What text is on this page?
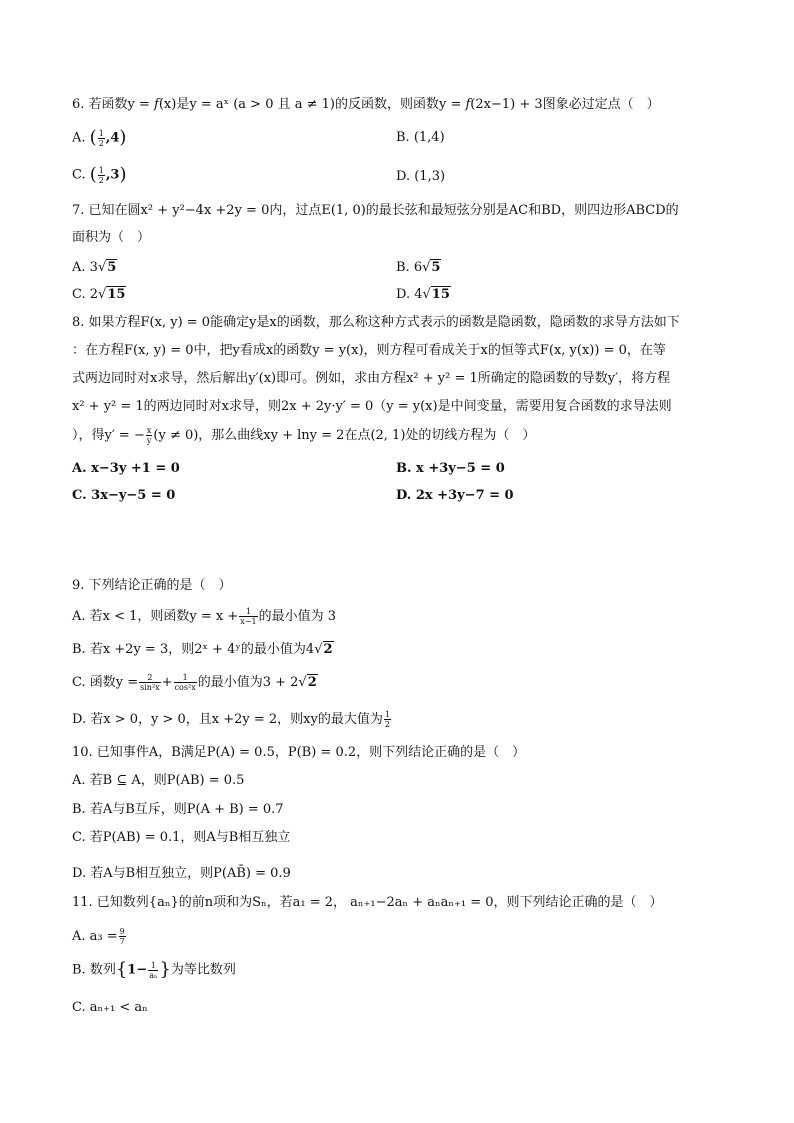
6. 若函数y = 𝑓(x)是y = aˣ (a > 0 且 a ≠ 1)的反函数，则函数y = 𝑓(2x−1) + 3图象必过定点（　）
A. ( $\frac{1}{2} ,4$)	B. (1,4)
C. ( $\frac{1}{2} ,3$)	D. (1,3)
7. 已知在圆x² + y²−4x +2y = 0内，过点E(1, 0)的最长弦和最短弦分别是AC和BD，则四边形ABCD的
面积为（　）
A. 3√5	B. 6√5
C. 2√15	D. 4√15
8. 如果方程F(x, y) = 0能确定y是x的函数，那么称这种方式表示的函数是隐函数，隐函数的求导方法如下
：在方程F(x, y) = 0中，把y看成x的函数y = y(x)，则方程可看成关于x的恒等式F(x, y(x)) = 0，在等
式两边同时对x求导，然后解出y′(x)即可。例如，求由方程x² + y² = 1所确定的隐函数的导数y′，将方程
x² + y² = 1的两边同时对x求导，则2x + 2y·y′ = 0（y = y(x)是中间变量，需要用复合函数的求导法则
），得y′ = − $\frac{x}{y} (y \ne 0)$，那么曲线xy + lny = 2在点(2, 1)处的切线方程为（　）
A. x−3y +1 = 0	B. x +3y−5 = 0
C. 3x−y−5 = 0	D. 2x +3y−7 = 0
9. 下列结论正确的是（　）
A. 若x < 1，则函数$y = x + \frac{1}{x-1}$ 的最小值为 3
B. 若x +2y = 3，则2ˣ + 4ʸ的最小值为4√2
C. 函数$y = \frac{2}{\text{sin²x}} + \frac{1}{\text{cos²x}}$ 的最小值为3 + 2√2
D. 若x > 0，y > 0，且x +2y = 2，则xy的最大值为 $\frac{1}{2}$
10. 已知事件A，B满足P(A) = 0.5，P(B) = 0.2，则下列结论正确的是（　）
A. 若B ⊆ A，则P(AB) = 0.5
B. 若A与B互斥，则P(A + B) = 0.7
C. 若P(AB) = 0.1，则A与B相互独立
D. 若A与B相互独立，则P(AB̄) = 0.9
11. 已知数列{aₙ}的前n项和为Sₙ，若a₁ = 2， aₙ₊₁−2aₙ + aₙaₙ₊₁ = 0，则下列结论正确的是（　）
A. $a_3 = \frac{9}{7}$
B. 数列{$1- \frac{1}{\text{aₙ}}$ }为等比数列
C. aₙ₊₁ < aₙ
